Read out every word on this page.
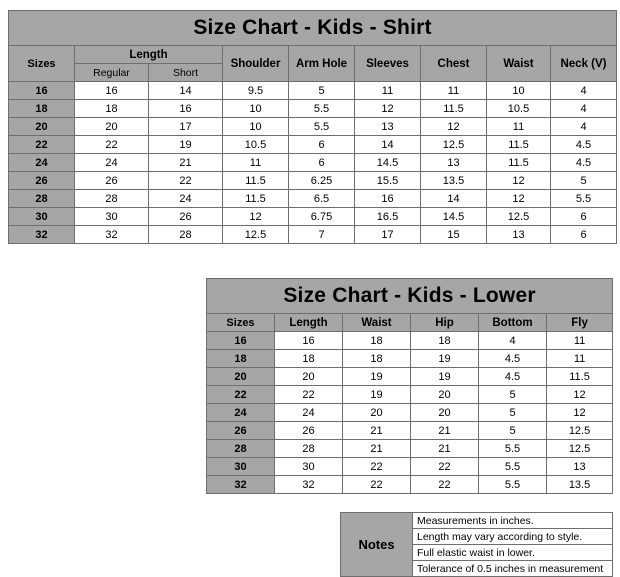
Size Chart - Kids - Shirt								
Sizes	Length		Shoulder	Arm Hole	Sleeves	Chest	Waist	Neck (V)
	Regular	Short						
16	16	14	9.5	5	11	11	10	4
18	18	16	10	5.5	12	11.5	10.5	4
20	20	17	10	5.5	13	12	11	4
22	22	19	10.5	6	14	12.5	11.5	4.5
24	24	21	11	6	14.5	13	11.5	4.5
26	26	22	11.5	6.25	15.5	13.5	12	5
28	28	24	11.5	6.5	16	14	12	5.5
30	30	26	12	6.75	16.5	14.5	12.5	6
32	32	28	12.5	7	17	15	13	6
Size Chart - Kids - Lower					
Sizes	Length	Waist	Hip	Bottom	Fly
16	16	18	18	4	11
18	18	18	19	4.5	11
20	20	19	19	4.5	11.5
22	22	19	20	5	12
24	24	20	20	5	12
26	26	21	21	5	12.5
28	28	21	21	5.5	12.5
30	30	22	22	5.5	13
32	32	22	22	5.5	13.5
Notes	Measurements in inches.
Length may vary according to style.
Full elastic waist in lower.
Tolerance of 0.5 inches in measurement
